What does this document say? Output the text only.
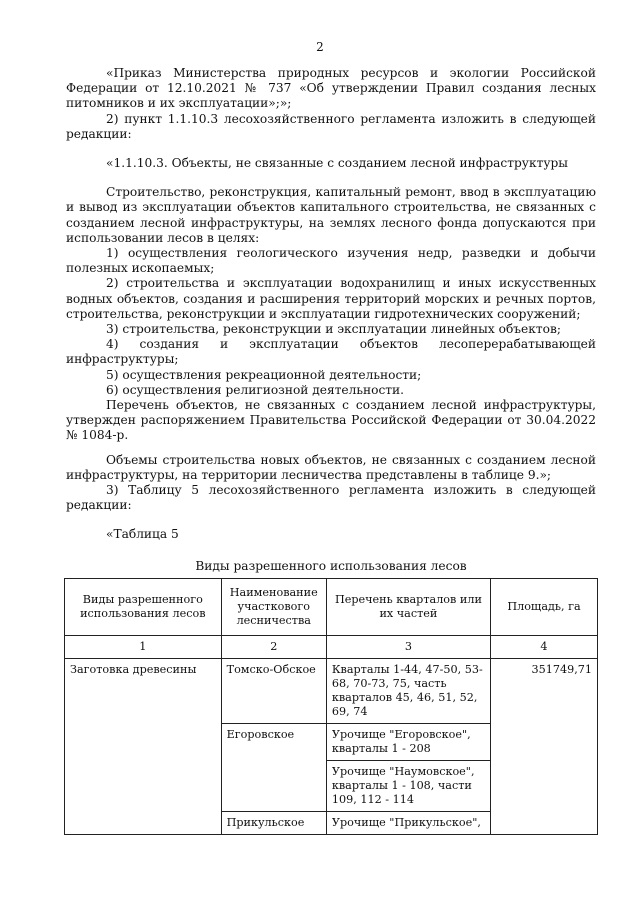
2

«Приказ Министерства природных ресурсов и экологии Российской Федерации от 12.10.2021 № 737 «Об утверждении Правил создания лесных питомников и их эксплуатации»;»;

2) пункт 1.1.10.3 лесохозяйственного регламента изложить в следующей редакции:

«1.1.10.3. Объекты, не связанные с созданием лесной инфраструктуры

Строительство, реконструкция, капитальный ремонт, ввод в эксплуатацию и вывод из эксплуатации объектов капитального строительства, не связанных с созданием лесной инфраструктуры, на землях лесного фонда допускаются при использовании лесов в целях:

1) осуществления геологического изучения недр, разведки и добычи полезных ископаемых;

2) строительства и эксплуатации водохранилищ и иных искусственных водных объектов, создания и расширения территорий морских и речных портов, строительства, реконструкции и эксплуатации гидротехнических сооружений;

3) строительства, реконструкции и эксплуатации линейных объектов;

4) создания и эксплуатации объектов лесоперерабатывающей инфраструктуры;

5) осуществления рекреационной деятельности;

6) осуществления религиозной деятельности.

Перечень объектов, не связанных с созданием лесной инфраструктуры, утвержден распоряжением Правительства Российской Федерации от 30.04.2022 № 1084-р.

Объемы строительства новых объектов, не связанных с созданием лесной инфраструктуры, на территории лесничества представлены в таблице 9.»;

3) Таблицу 5 лесохозяйственного регламента изложить в следующей редакции:

«Таблица 5

Виды разрешенного использования лесов
Виды разрешенного использования лесов	Наименование участкового лесничества	Перечень кварталов или их частей	Площадь, га
1	2	3	4
Заготовка древесины	Томско-Обское	Кварталы 1-44, 47-50, 53-68, 70-73, 75, часть кварталов 45, 46, 51, 52, 69, 74	351749,71
	Егоровское	Урочище "Егоровское", кварталы 1 - 208	
		Урочище "Наумовское", кварталы 1 - 108, части 109, 112 - 114	
	Прикульское	Урочище "Прикульское",	
